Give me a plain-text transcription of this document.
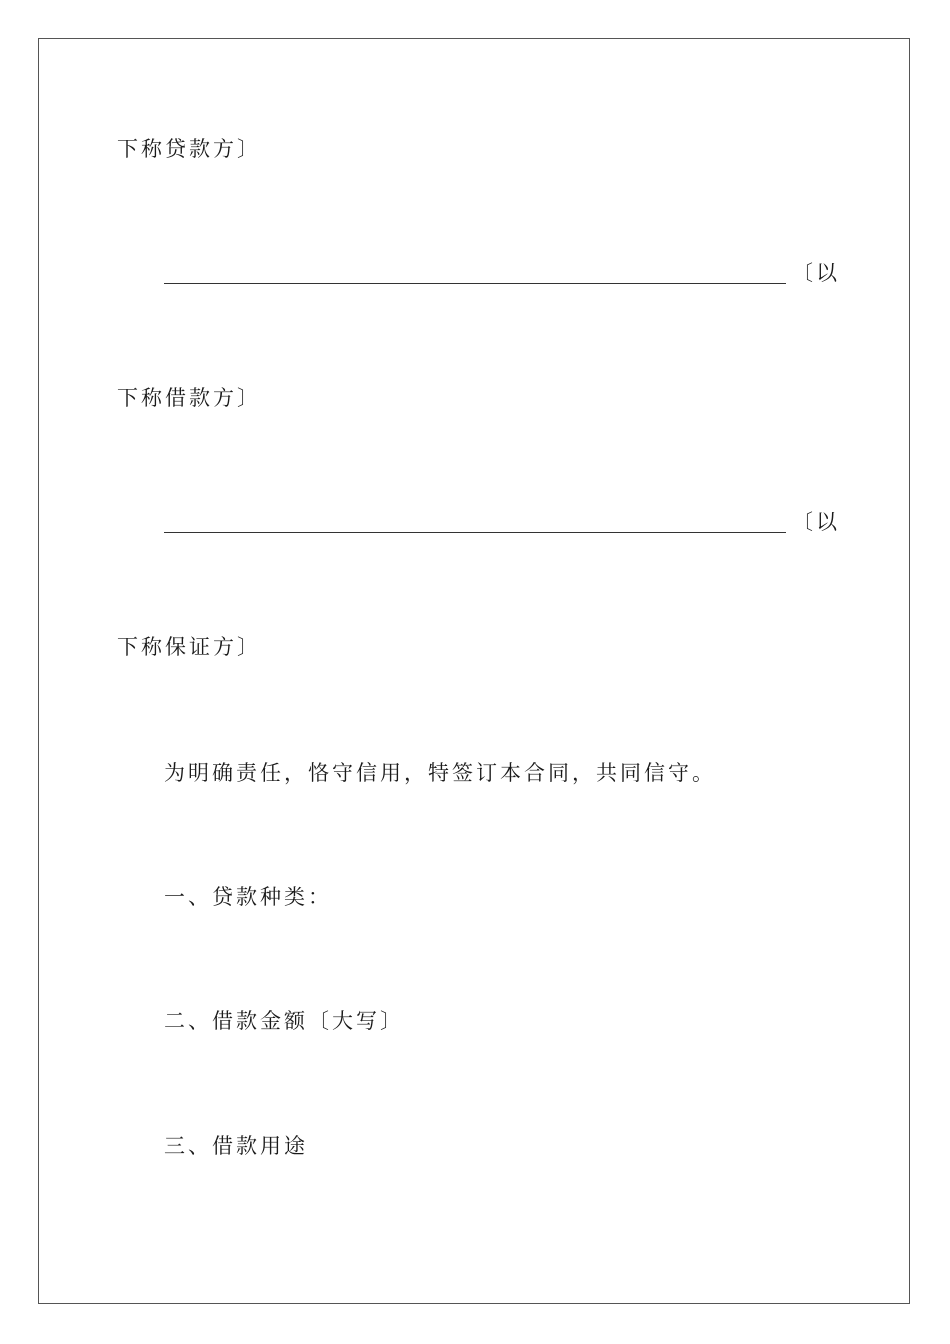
下称贷款方〕
〔以
下称借款方〕
〔以
下称保证方〕
为明确责任，恪守信用，特签订本合同，共同信守。
一、贷款种类：
二、借款金额〔大写〕
三、借款用途
